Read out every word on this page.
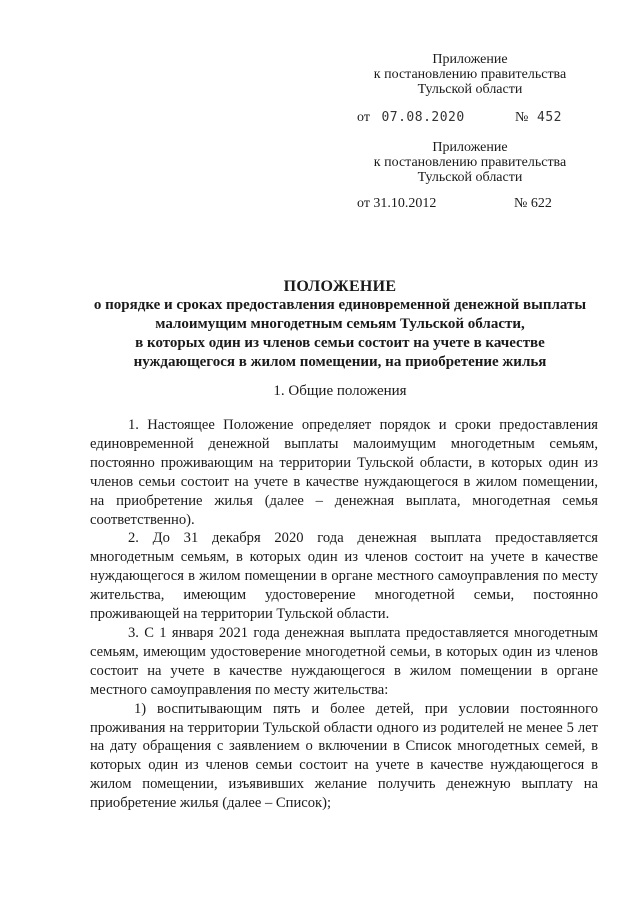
Приложение
к постановлению правительства
Тульской области
от 07.08.2020	№ 452
Приложение
к постановлению правительства
Тульской области
от 31.10.2012	№ 622
ПОЛОЖЕНИЕ
о порядке и сроках предоставления единовременной денежной выплаты
малоимущим многодетным семьям Тульской области,
в которых один из членов семьи состоит на учете в качестве
нуждающегося в жилом помещении, на приобретение жилья
1. Общие положения

1. Настоящее Положение определяет порядок и сроки предоставления единовременной денежной выплаты малоимущим многодетным семьям, постоянно проживающим на территории Тульской области, в которых один из членов семьи состоит на учете в качестве нуждающегося в жилом помещении, на приобретение жилья (далее – денежная выплата, многодетная семья соответственно).

2. До 31 декабря 2020 года денежная выплата предоставляется многодетным семьям, в которых один из членов состоит на учете в качестве нуждающегося в жилом помещении в органе местного самоуправления по месту жительства, имеющим удостоверение многодетной семьи, постоянно проживающей на территории Тульской области.

3. С 1 января 2021 года денежная выплата предоставляется многодетным семьям, имеющим удостоверение многодетной семьи, в которых один из членов состоит на учете в качестве нуждающегося в жилом помещении в органе местного самоуправления по месту жительства:

1) воспитывающим пять и более детей, при условии постоянного проживания на территории Тульской области одного из родителей не менее 5 лет на дату обращения с заявлением о включении в Список многодетных семей, в которых один из членов семьи состоит на учете в качестве нуждающегося в жилом помещении, изъявивших желание получить денежную выплату на приобретение жилья (далее – Список);
